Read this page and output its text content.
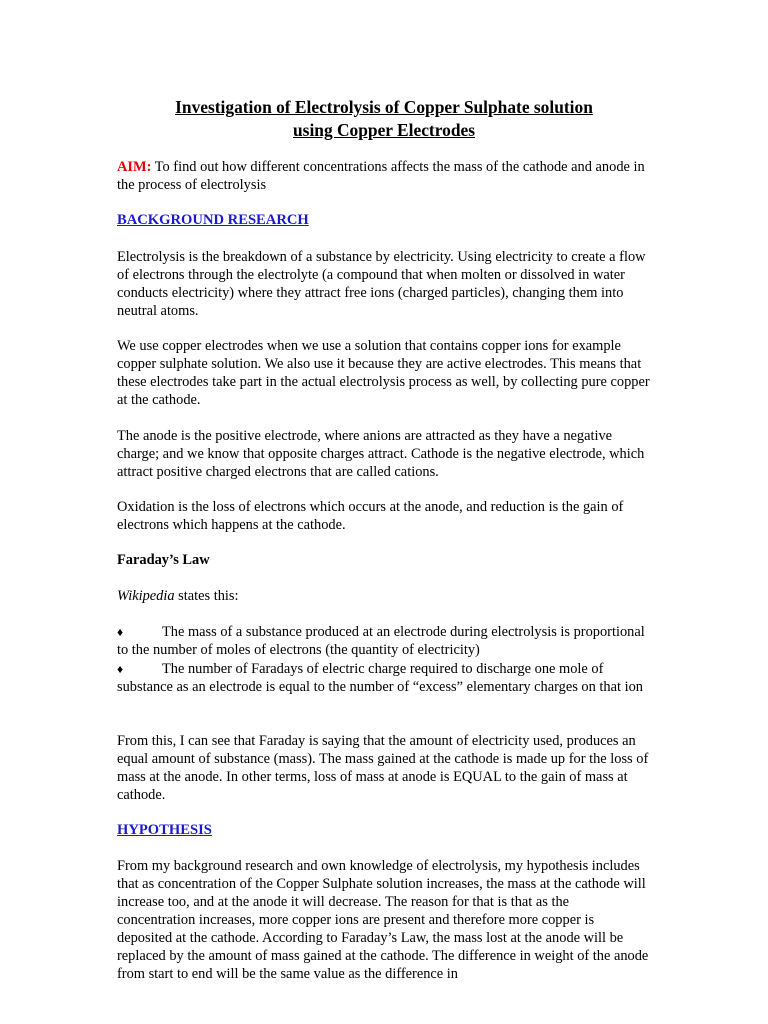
Investigation of Electrolysis of Copper Sulphate solution
using Copper Electrodes

AIM: To find out how different concentrations affects the mass of the cathode and anode in the process of electrolysis

BACKGROUND RESEARCH

Electrolysis is the breakdown of a substance by electricity. Using electricity to create a flow of electrons through the electrolyte (a compound that when molten or dissolved in water conducts electricity) where they attract free ions (charged particles), changing them into neutral atoms.

We use copper electrodes when we use a solution that contains copper ions for example copper sulphate solution. We also use it because they are active electrodes. This means that these electrodes take part in the actual electrolysis process as well, by collecting pure copper at the cathode.

The anode is the positive electrode, where anions are attracted as they have a negative charge; and we know that opposite charges attract. Cathode is the negative electrode, which attract positive charged electrons that are called cations.

Oxidation is the loss of electrons which occurs at the anode, and reduction is the gain of electrons which happens at the cathode.

Faraday’s Law

Wikipedia states this:

♦	The mass of a substance produced at an electrode during electrolysis is proportional to the number of moles of electrons (the quantity of electricity)

♦	The number of Faradays of electric charge required to discharge one mole of substance as an electrode is equal to the number of “excess” elementary charges on that ion

From this, I can see that Faraday is saying that the amount of electricity used, produces an equal amount of substance (mass). The mass gained at the cathode is made up for the loss of mass at the anode. In other terms, loss of mass at anode is EQUAL to the gain of mass at cathode.

HYPOTHESIS

From my background research and own knowledge of electrolysis, my hypothesis includes that as concentration of the Copper Sulphate solution increases, the mass at the cathode will increase too, and at the anode it will decrease. The reason for that is that as the concentration increases, more copper ions are present and therefore more copper is deposited at the cathode. According to Faraday’s Law, the mass lost at the anode will be replaced by the amount of mass gained at the cathode. The difference in weight of the anode from start to end will be the same value as the difference in
